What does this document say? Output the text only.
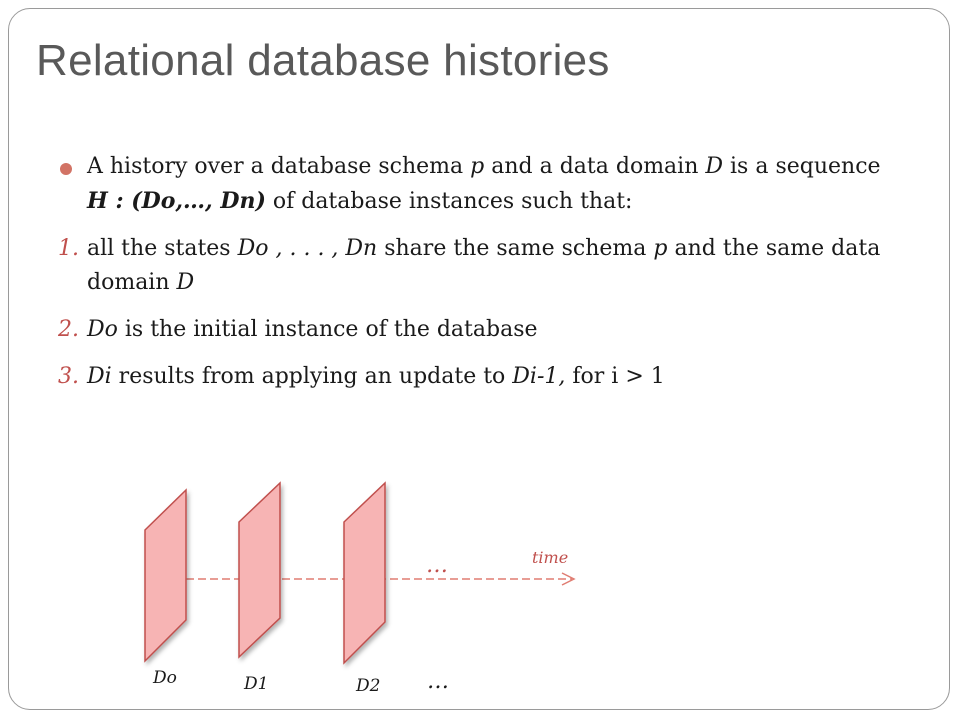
Relational database histories
A history over a database schema p and a data domain D is a sequence H : (Do,…, Dn) of database instances such that:
1. all the states Do , . . . , Dn share the same schema p and the same data domain D
2. Do is the initial instance of the database
3. Di results from applying an update to Di-1, for i > 1
…	time
Do	D1	D2 …
